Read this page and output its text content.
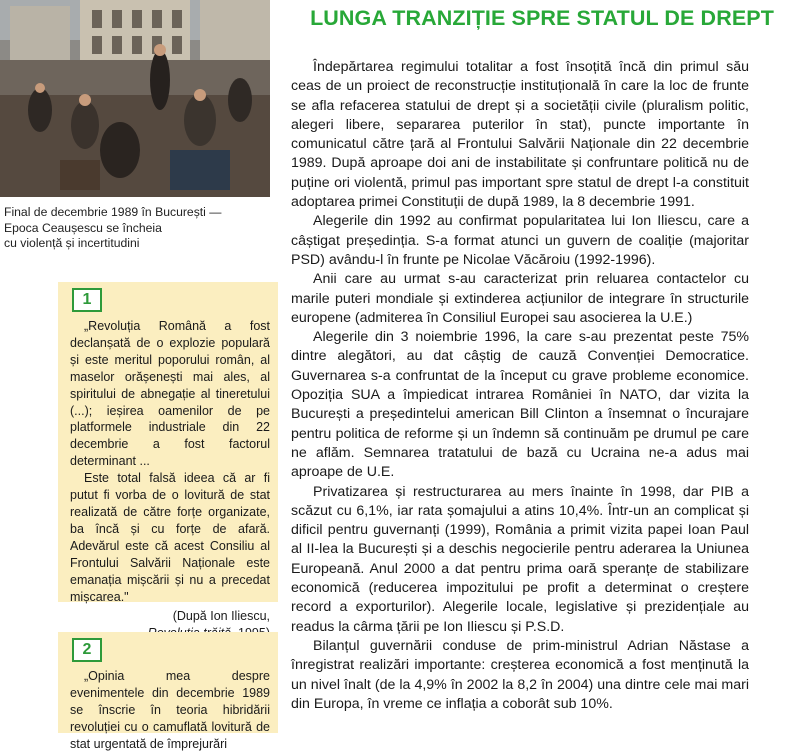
Final de decembrie 1989 în București —
Epoca Ceaușescu se încheia
cu violență și incertitudini
1

„Revoluția Română a fost declanșată de o explozie populară și este meritul poporului român, al maselor orășenești mai ales, al spiritului de abnegație al tineretului (...); ieșirea oamenilor de pe platformele industriale din 22 decembrie a fost factorul determinant ...

Este total falsă ideea că ar fi putut fi vorba de o lovitură de stat realizată de către forțe organizate, ba încă și cu forțe de afară. Adevărul este că acest Consiliu al Frontului Salvării Naționale este emanația mișcării și nu a precedat mișcarea."

(După Ion Iliescu,
2

„Opinia mea despre evenimentele din decembrie 1989 se înscrie în teoria hibridării revoluției cu o camuflată lovitură de stat urgentată de împrejurări

LUNGA TRANZIȚIE SPRE STATUL DE DREPT

Îndepărtarea regimului totalitar a fost însoțită încă din primul său ceas de un proiect de reconstrucție instituțională în care la loc de frunte se afla refacerea statului de drept și a societății civile (pluralism politic, alegeri libere, separarea puterilor în stat), puncte importante în comunicatul către țară al Frontului Salvării Naționale din 22 decembrie 1989. După aproape doi ani de instabilitate și confruntare politică nu de puține ori violentă, primul pas important spre statul de drept l-a constituit adoptarea primei Constituții de după 1989, la 8 decembrie 1991.

Alegerile din 1992 au confirmat popularitatea lui Ion Iliescu, care a câștigat președinția. S-a format atunci un guvern de coaliție (majoritar PSD) avându-l în frunte pe Nicolae Văcăroiu (1992-1996).

Anii care au urmat s-au caracterizat prin reluarea contactelor cu marile puteri mondiale și extinderea acțiunilor de integrare în structurile europene (admiterea în Consiliul Europei sau asocierea la U.E.)

Alegerile din 3 noiembrie 1996, la care s-au prezentat peste 75% dintre alegători, au dat câștig de cauză Convenției Democratice. Guvernarea s-a confruntat de la început cu grave probleme economice. Opoziția SUA a împiedicat intrarea României în NATO, dar vizita la București a președintelui american Bill Clinton a însemnat o încurajare pentru politica de reforme și un îndemn să continuăm pe drumul pe care ne aflăm. Semnarea tratatului de bază cu Ucraina ne-a adus mai aproape de U.E.

Privatizarea și restructurarea au mers înainte în 1998, dar PIB a scăzut cu 6,1%, iar rata șomajului a atins 10,4%. Într-un an complicat și dificil pentru guvernanți (1999), România a primit vizita papei Ioan Paul al II-lea la București și a deschis negocierile pentru aderarea la Uniunea Europeană. Anul 2000 a dat pentru prima oară speranțe de stabilizare economică (reducerea impozitului pe profit a determinat o creștere record a exporturilor). Alegerile locale, legislative și prezidențiale au readus la cârma țării pe Ion Iliescu și P.S.D.

Bilanțul guvernării conduse de prim-ministrul Adrian Năstase a înregistrat realizări importante: creșterea economică a fost menținută la un nivel înalt (de la 4,9% în 2002 la 8,2 în 2004) una dintre cele mai mari din Europa, în vreme ce inflația a coborât sub 10%.
